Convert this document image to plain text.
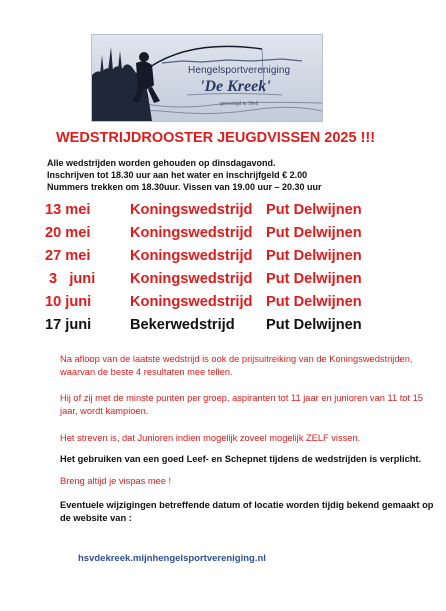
Hengelsportvereniging
'De Kreek'
gevestigd te Well
WEDSTRIJDROOSTER JEUGDVISSEN 2025 !!!
Alle wedstrijden worden gehouden op dinsdagavond.
Inschrijven tot 18.30 uur aan het water en inschrijfgeld € 2.00
Nummers trekken om 18.30uur. Vissen van 19.00 uur – 20.30 uur
13 mei	Koningswedstrijd Put Delwijnen
20 mei	Koningswedstrijd Put Delwijnen
27 mei	Koningswedstrijd Put Delwijnen
3   juni Koningswedstrijd Put Delwijnen
10 juni	Koningswedstrijd Put Delwijnen
17 juni	Bekerwedstrijd Put Delwijnen
Na afloop van de laatste wedstrijd is ook de prijsuitreiking van de Koningswedstrijden, waarvan de beste 4 resultaten mee tellen.
Hij of zij met de minste punten per groep, aspiranten tot 11 jaar en junioren van 11 tot 15 jaar, wordt kampioen.
Het streven is, dat Junioren indien mogelijk zoveel mogelijk ZELF vissen.
Het gebruiken van een goed Leef- en Schepnet tijdens de wedstrijden is verplicht.
Breng altijd je vispas mee !
Eventuele wijzigingen betreffende datum of locatie worden tijdig bekend gemaakt op de website van :
hsvdekreek.mijnhengelsportvereniging.nl
